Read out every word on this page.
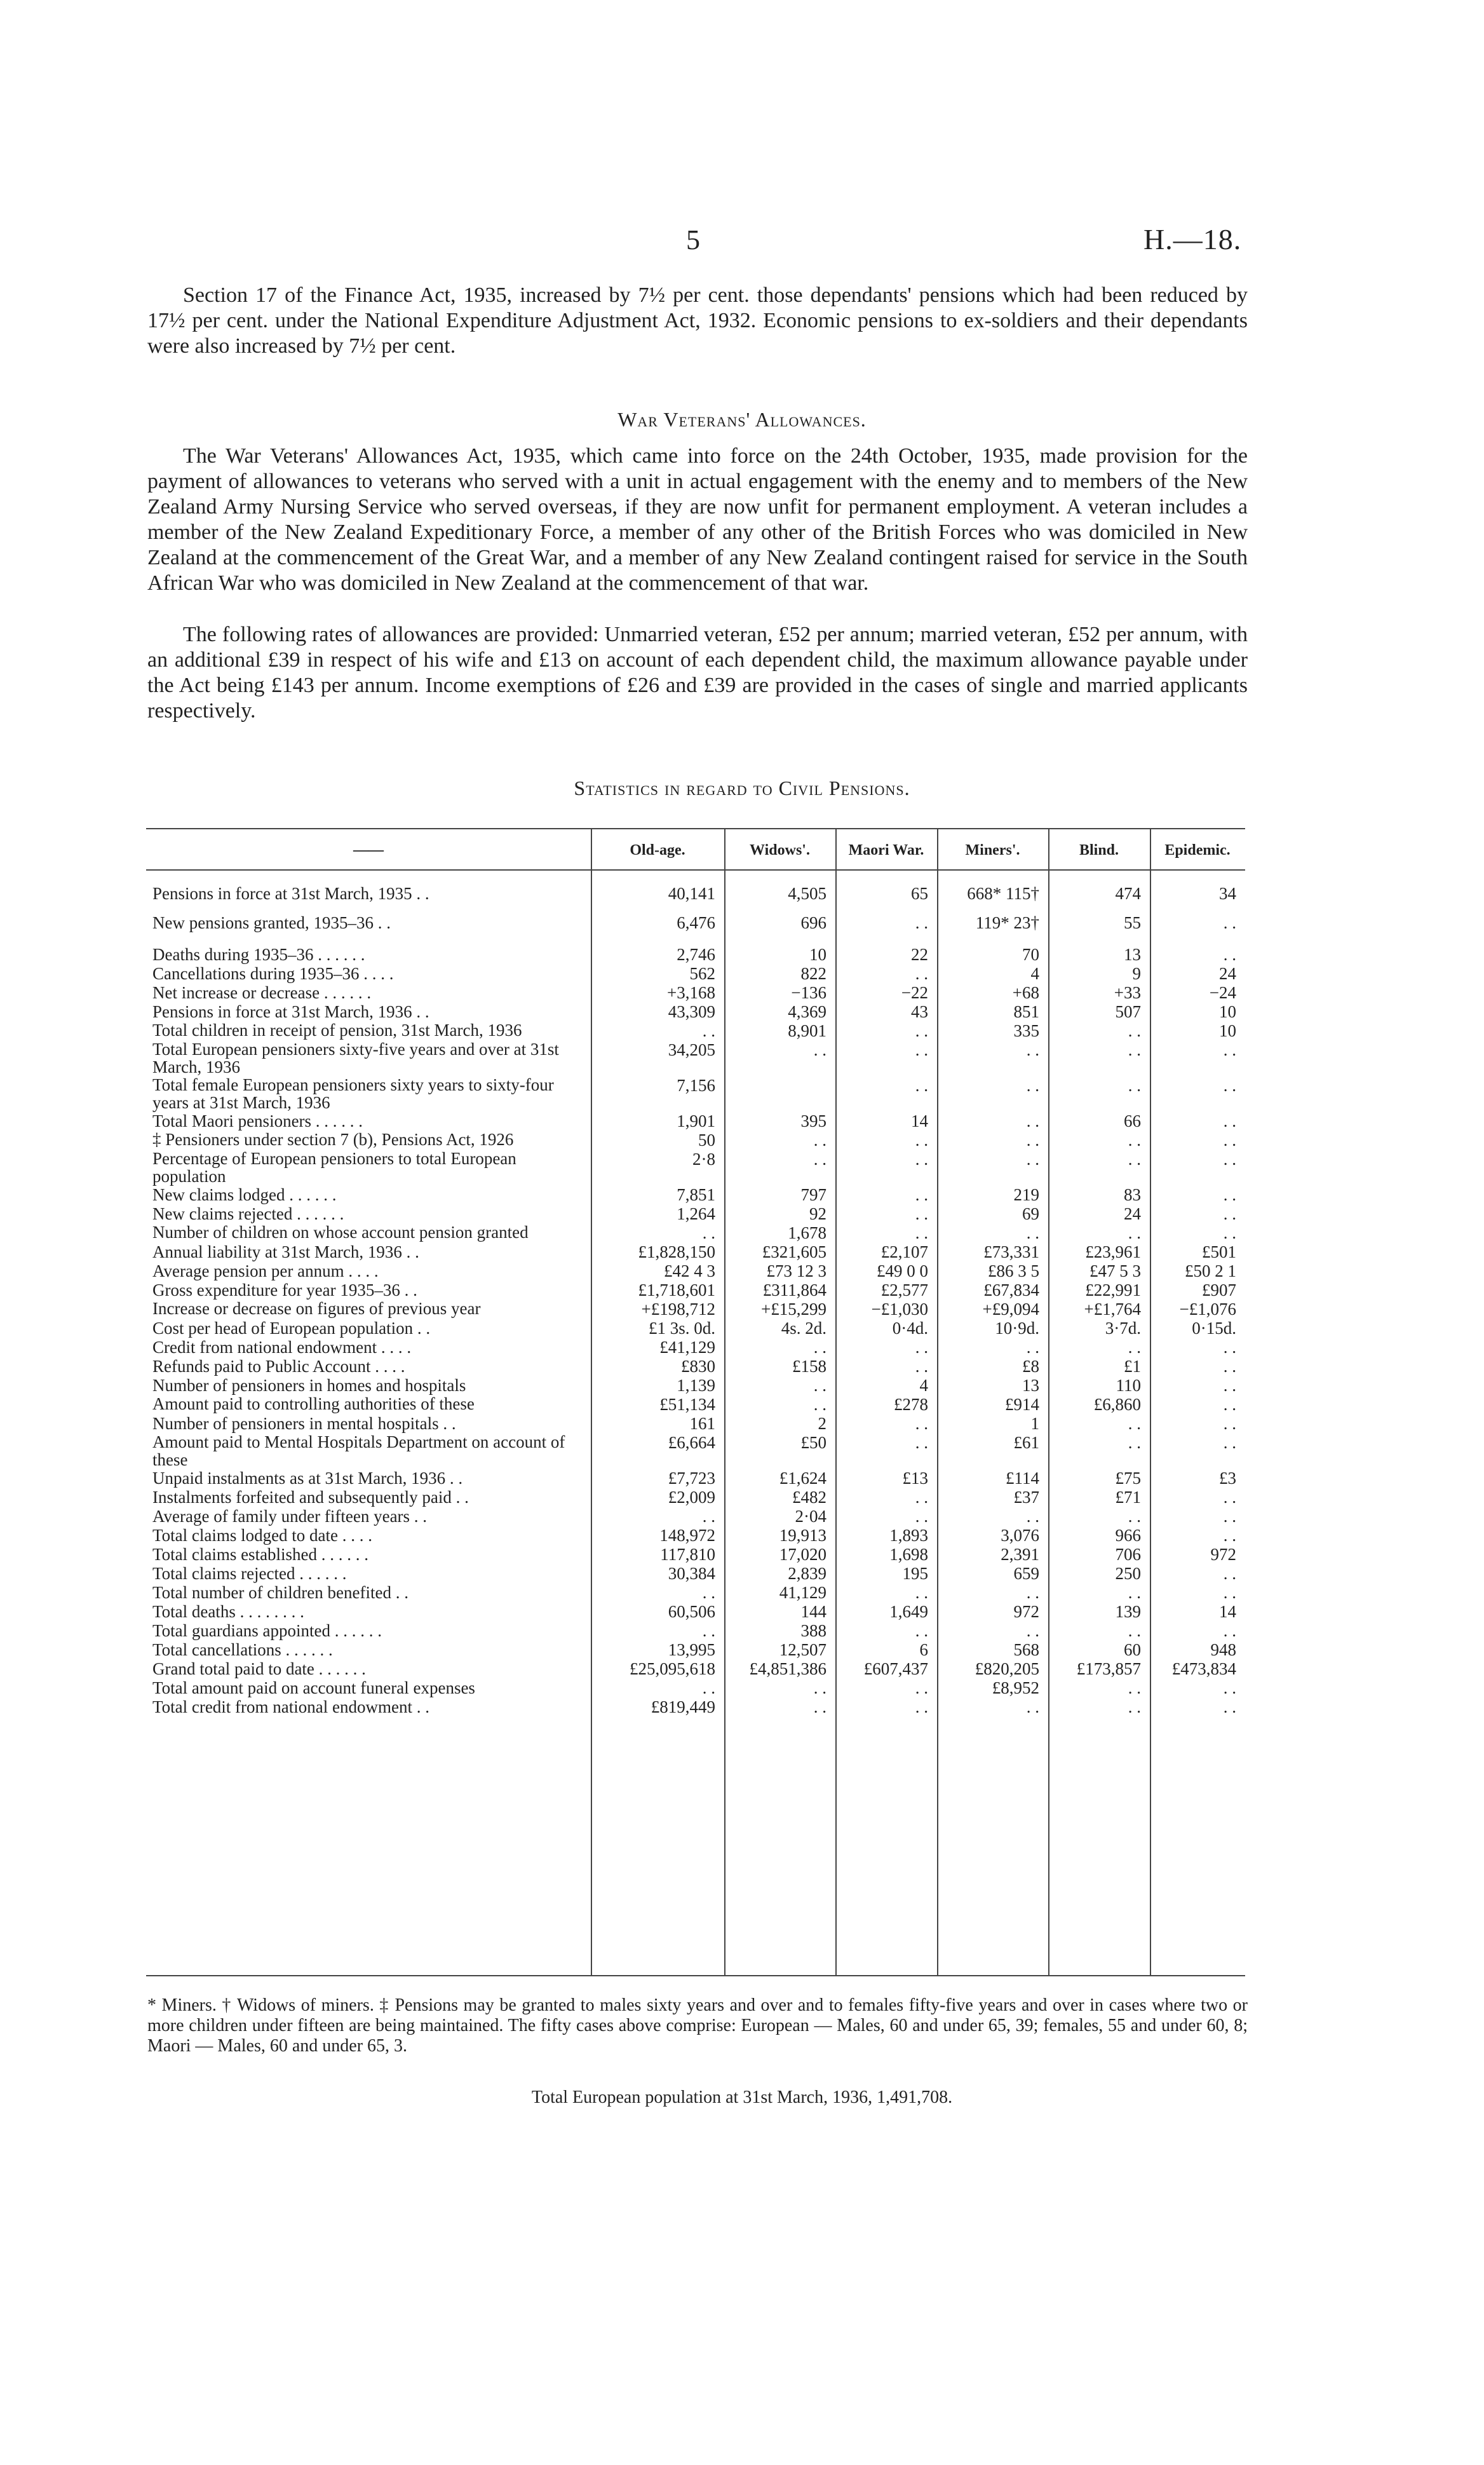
5	H.—18.
Section 17 of the Finance Act, 1935, increased by 7½ per cent. those dependants' pensions which had been reduced by 17½ per cent. under the National Expenditure Adjustment Act, 1932. Economic pensions to ex-soldiers and their dependants were also increased by 7½ per cent.
War Veterans' Allowances.
The War Veterans' Allowances Act, 1935, which came into force on the 24th October, 1935, made provision for the payment of allowances to veterans who served with a unit in actual engagement with the enemy and to members of the New Zealand Army Nursing Service who served overseas, if they are now unfit for permanent employment. A veteran includes a member of the New Zealand Expeditionary Force, a member of any other of the British Forces who was domiciled in New Zealand at the commencement of the Great War, and a member of any New Zealand contingent raised for service in the South African War who was domiciled in New Zealand at the commencement of that war.
The following rates of allowances are provided: Unmarried veteran, £52 per annum; married veteran, £52 per annum, with an additional £39 in respect of his wife and £13 on account of each dependent child, the maximum allowance payable under the Act being £143 per annum. Income exemptions of £26 and £39 are provided in the cases of single and married applicants respectively.
Statistics in regard to Civil Pensions.
——	Old-age.	Widows'.	Maori War.	Miners'.	Blind.	Epidemic.
Pensions in force at 31st March, 1935 . .	40,141	4,505	65	668* 115†	474	34
New pensions granted, 1935–36 . .	6,476	696	. .	119* 23†	55	. .

Deaths during 1935–36 . . . . . .	2,746	10	22	70	13	. .
Cancellations during 1935–36 . . . .	562	822	. .	4	9	24
Net increase or decrease . . . . . .	+3,168	−136	−22	+68	+33	−24
Pensions in force at 31st March, 1936 . .	43,309	4,369	43	851	507	10
Total children in receipt of pension, 31st March, 1936	. .	8,901	. .	335	. .	10
Total European pensioners sixty-five years and over at 31st March, 1936	34,205	. .	. .	. .	. .	. .
Total female European pensioners sixty years to sixty-four years at 31st March, 1936	7,156		. .	. .	. .	. .
Total Maori pensioners . . . . . .	1,901	395	14	. .	66	. .
‡ Pensioners under section 7 (b), Pensions Act, 1926	50	. .	. .	. .	. .	. .
Percentage of European pensioners to total European population	2·8	. .	. .	. .	. .	. .
New claims lodged . . . . . .	7,851	797	. .	219	83	. .
New claims rejected . . . . . .	1,264	92	. .	69	24	. .
Number of children on whose account pension granted	. .	1,678	. .	. .	. .	. .
Annual liability at 31st March, 1936 . .	£1,828,150	£321,605	£2,107	£73,331	£23,961	£501
Average pension per annum . . . .	£42 4 3	£73 12 3	£49 0 0	£86 3 5	£47 5 3	£50 2 1
Gross expenditure for year 1935–36 . .	£1,718,601	£311,864	£2,577	£67,834	£22,991	£907
Increase or decrease on figures of previous year	+£198,712	+£15,299	−£1,030	+£9,094	+£1,764	−£1,076
Cost per head of European population . .	£1 3s. 0d.	4s. 2d.	0·4d.	10·9d.	3·7d.	0·15d.
Credit from national endowment . . . .	£41,129	. .	. .	. .	. .	. .
Refunds paid to Public Account . . . .	£830	£158	. .	£8	£1	. .
Number of pensioners in homes and hospitals	1,139	. .	4	13	110	. .
Amount paid to controlling authorities of these	£51,134	. .	£278	£914	£6,860	. .
Number of pensioners in mental hospitals . .	161	2	. .	1	. .	. .
Amount paid to Mental Hospitals Department on account of these	£6,664	£50	. .	£61	. .	. .
Unpaid instalments as at 31st March, 1936 . .	£7,723	£1,624	£13	£114	£75	£3
Instalments forfeited and subsequently paid . .	£2,009	£482	. .	£37	£71	. .
Average of family under fifteen years . .	. .	2·04	. .	. .	. .	. .
Total claims lodged to date . . . .	148,972	19,913	1,893	3,076	966	. .
Total claims established . . . . . .	117,810	17,020	1,698	2,391	706	972
Total claims rejected . . . . . .	30,384	2,839	195	659	250	. .
Total number of children benefited . .	. .	41,129	. .	. .	. .	. .
Total deaths . . . . . . . .	60,506	144	1,649	972	139	14
Total guardians appointed . . . . . .	. .	388	. .	. .	. .	. .
Total cancellations . . . . . .	13,995	12,507	6	568	60	948
Grand total paid to date . . . . . .	£25,095,618	£4,851,386	£607,437	£820,205	£173,857	£473,834
Total amount paid on account funeral expenses	. .	. .	. .	£8,952	. .	. .
Total credit from national endowment . .	£819,449	. .	. .	. .	. .	. .
* Miners. † Widows of miners. ‡ Pensions may be granted to males sixty years and over and to females fifty-five years and over in cases where two or more children under fifteen are being maintained. The fifty cases above comprise: European — Males, 60 and under 65, 39; females, 55 and under 60, 8; Maori — Males, 60 and under 65, 3.
Total European population at 31st March, 1936, 1,491,708.
